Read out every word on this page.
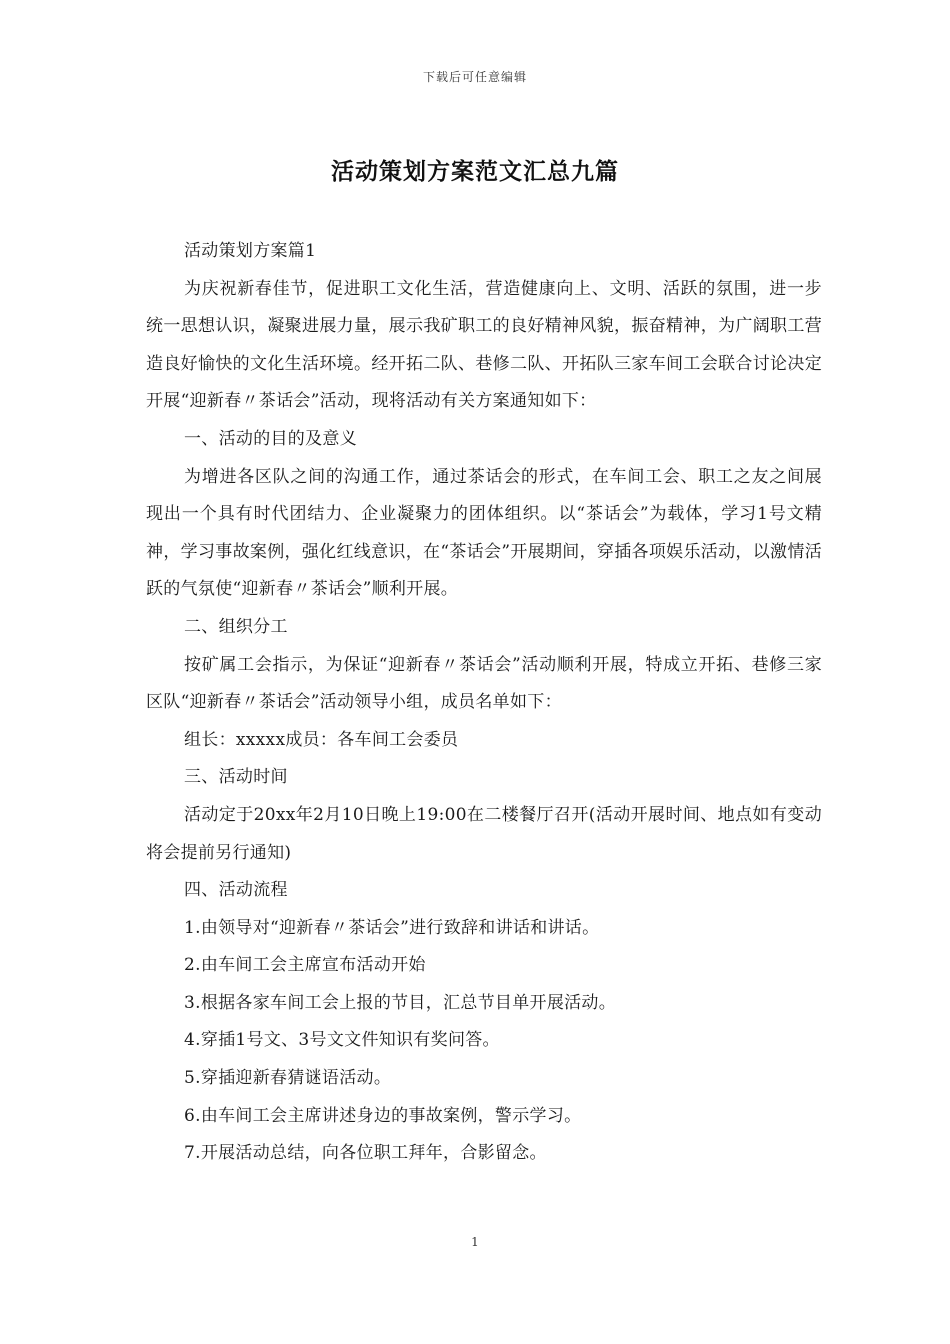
下载后可任意编辑
活动策划方案范文汇总九篇

活动策划方案篇1

为庆祝新春佳节，促进职工文化生活，营造健康向上、文明、活跃的氛围，进一步统一思想认识，凝聚进展力量，展示我矿职工的良好精神风貌，振奋精神，为广阔职工营造良好愉快的文化生活环境。经开拓二队、巷修二队、开拓队三家车间工会联合讨论决定开展“迎新春〃茶话会”活动，现将活动有关方案通知如下：

一、活动的目的及意义

为增进各区队之间的沟通工作，通过茶话会的形式，在车间工会、职工之友之间展现出一个具有时代团结力、企业凝聚力的团体组织。以“茶话会”为载体，学习1号文精神，学习事故案例，强化红线意识，在“茶话会”开展期间，穿插各项娱乐活动，以激情活跃的气氛使“迎新春〃茶话会”顺利开展。

二、组织分工

按矿属工会指示，为保证“迎新春〃茶话会”活动顺利开展，特成立开拓、巷修三家区队“迎新春〃茶话会”活动领导小组，成员名单如下：

组长：xxxxx成员：各车间工会委员

三、活动时间

活动定于20xx年2月10日晚上19:00在二楼餐厅召开(活动开展时间、地点如有变动将会提前另行通知)

四、活动流程

1.由领导对“迎新春〃茶话会”进行致辞和讲话和讲话。

2.由车间工会主席宣布活动开始

3.根据各家车间工会上报的节目，汇总节目单开展活动。

4.穿插1号文、3号文文件知识有奖问答。

5.穿插迎新春猜谜语活动。

6.由车间工会主席讲述身边的事故案例，警示学习。

7.开展活动总结，向各位职工拜年，合影留念。

1
